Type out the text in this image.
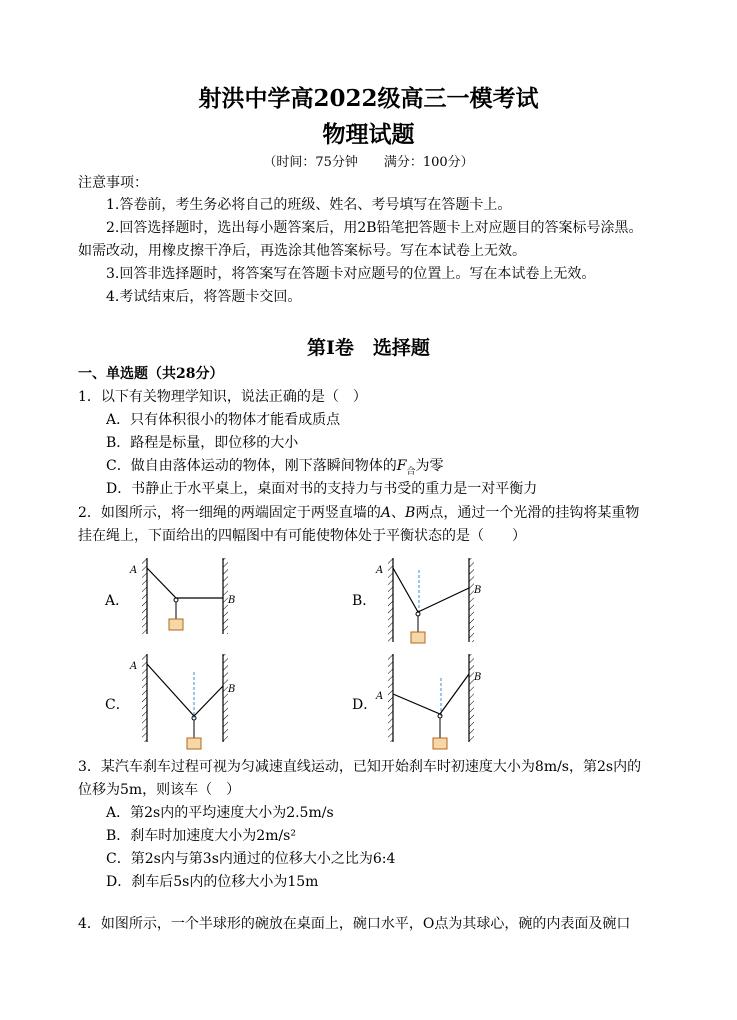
射洪中学高2022级高三一模考试
物理试题
（时间：75分钟　　满分：100分）
注意事项：
1.答卷前，考生务必将自己的班级、姓名、考号填写在答题卡上。
2.回答选择题时，选出每小题答案后，用2B铅笔把答题卡上对应题目的答案标号涂黑。
如需改动，用橡皮擦干净后，再选涂其他答案标号。写在本试卷上无效。
3.回答非选择题时，将答案写在答题卡对应题号的位置上。写在本试卷上无效。
4.考试结束后，将答题卡交回。
第I卷　选择题
一、单选题（共28分）
1．以下有关物理学知识，说法正确的是（　）
A．只有体积很小的物体才能看成质点
B．路程是标量，即位移的大小
C．做自由落体运动的物体，刚下落瞬间物体的$F_合$为零
D．书静止于水平桌上，桌面对书的支持力与书受的重力是一对平衡力
2．如图所示，将一细绳的两端固定于两竖直墙的A、B两点，通过一个光滑的挂钩将某重物
挂在绳上，下面给出的四幅图中有可能使物体处于平衡状态的是（　　）
A．
A
B	B．
A
B
C．
A
B
D．
A
B
3．某汽车刹车过程可视为匀减速直线运动，已知开始刹车时初速度大小为8m/s，第2s内的
位移为5m，则该车（　）
A．第2s内的平均速度大小为2.5m/s
B．刹车时加速度大小为2m/s²
C．第2s内与第3s内通过的位移大小之比为6:4
D．刹车后5s内的位移大小为15m
4．如图所示，一个半球形的碗放在桌面上，碗口水平，O点为其球心，碗的内表面及碗口
